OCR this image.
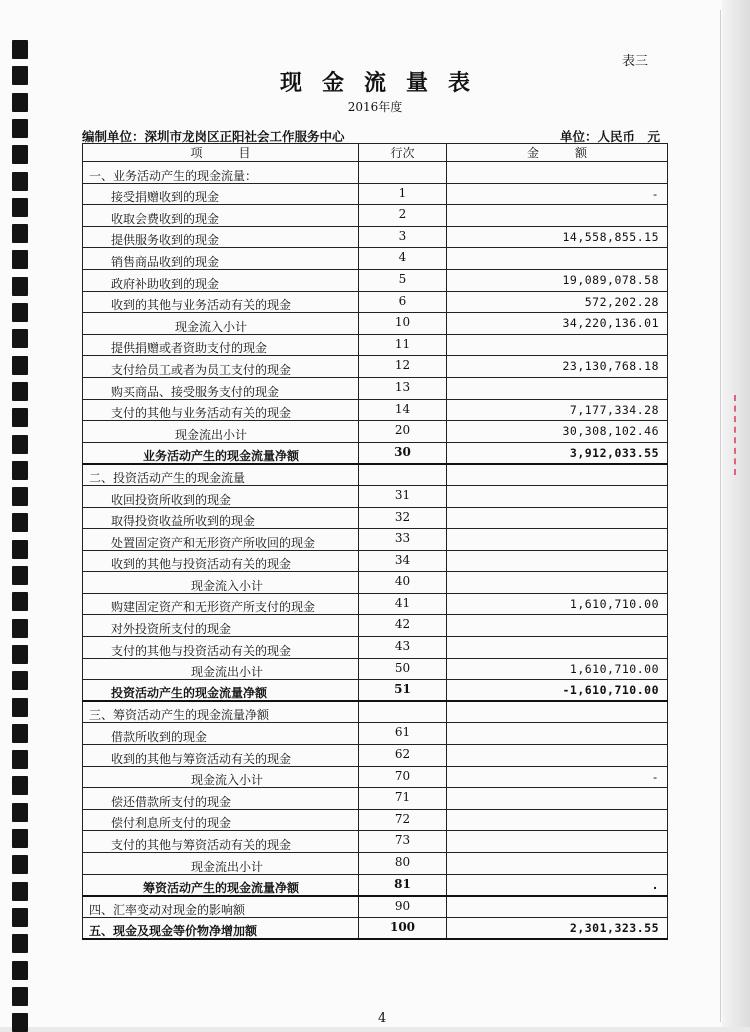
表三
现金流量表
2016年度
编制单位：深圳市龙岗区正阳社会工作服务中心	单位：人民币　元
项　　　目	行次	金　　　额
一、业务活动产生的现金流量：		
接受捐赠收到的现金	1	-
收取会费收到的现金	2	
提供服务收到的现金	3	14,558,855.15
销售商品收到的现金	4	
政府补助收到的现金	5	19,089,078.58
收到的其他与业务活动有关的现金	6	572,202.28
现金流入小计	10	34,220,136.01
提供捐赠或者资助支付的现金	11	
支付给员工或者为员工支付的现金	12	23,130,768.18
购买商品、接受服务支付的现金	13	
支付的其他与业务活动有关的现金	14	7,177,334.28
现金流出小计	20	30,308,102.46
业务活动产生的现金流量净额	30	3,912,033.55
二、投资活动产生的现金流量		
收回投资所收到的现金	31	
取得投资收益所收到的现金	32	
处置固定资产和无形资产所收回的现金	33	
收到的其他与投资活动有关的现金	34	
现金流入小计	40	
购建固定资产和无形资产所支付的现金	41	1,610,710.00
对外投资所支付的现金	42	
支付的其他与投资活动有关的现金	43	
现金流出小计	50	1,610,710.00
投资活动产生的现金流量净额	51	-1,610,710.00
三、筹资活动产生的现金流量净额		
借款所收到的现金	61	
收到的其他与筹资活动有关的现金	62	
现金流入小计	70	-
偿还借款所支付的现金	71	
偿付利息所支付的现金	72	
支付的其他与筹资活动有关的现金	73	
现金流出小计	80	
筹资活动产生的现金流量净额	81	.
四、汇率变动对现金的影响额	90	
五、现金及现金等价物净增加额	100	2,301,323.55
4
